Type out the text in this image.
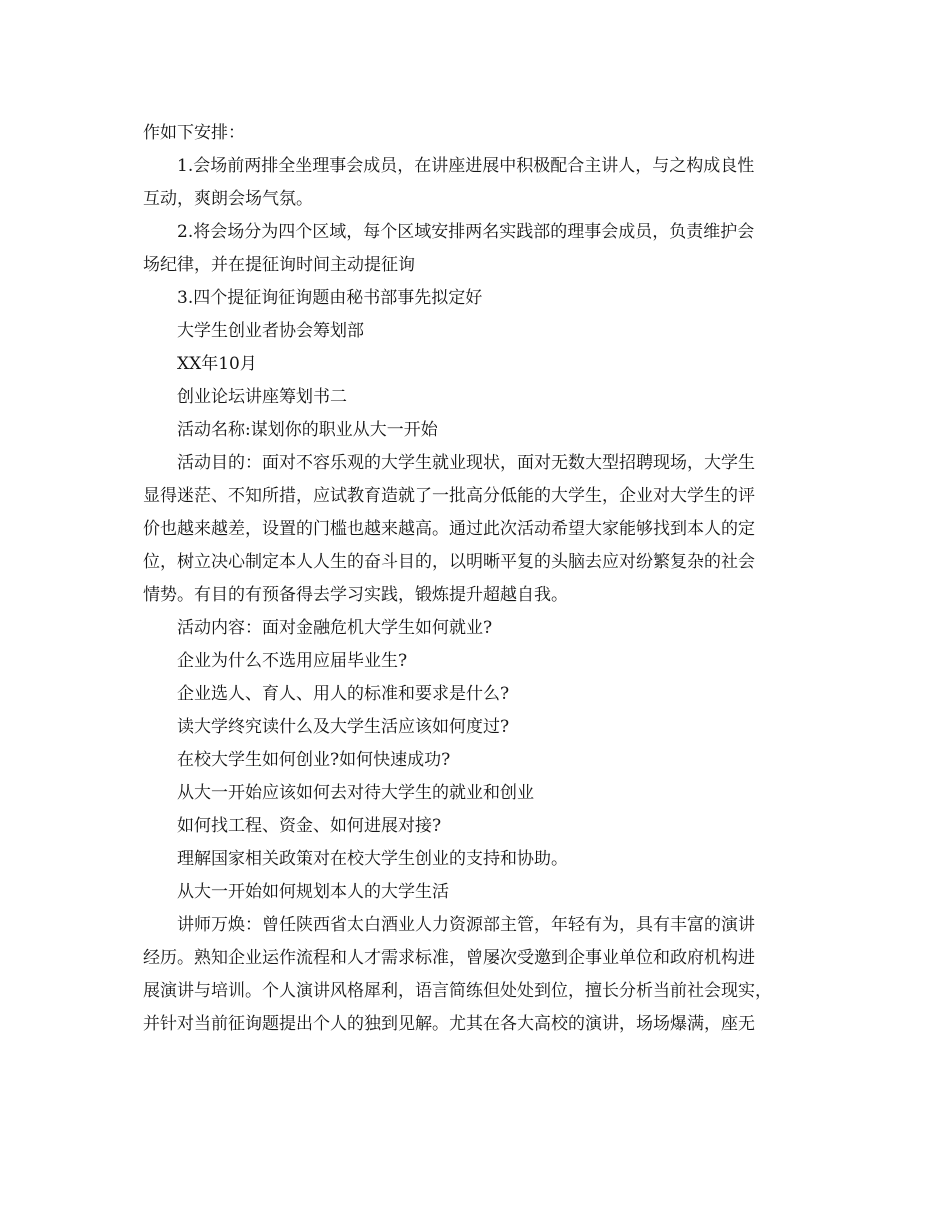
作如下安排：
1.会场前两排全坐理事会成员，在讲座进展中积极配合主讲人，与之构成良性
互动，爽朗会场气氛。
2.将会场分为四个区域，每个区域安排两名实践部的理事会成员，负责维护会
场纪律，并在提征询时间主动提征询
3.四个提征询征询题由秘书部事先拟定好
大学生创业者协会筹划部
XX年10月
创业论坛讲座筹划书二
活动名称:谋划你的职业从大一开始
活动目的：面对不容乐观的大学生就业现状，面对无数大型招聘现场，大学生
显得迷茫、不知所措，应试教育造就了一批高分低能的大学生，企业对大学生的评
价也越来越差，设置的门槛也越来越高。通过此次活动希望大家能够找到本人的定
位，树立决心制定本人人生的奋斗目的，以明晰平复的头脑去应对纷繁复杂的社会
情势。有目的有预备得去学习实践，锻炼提升超越自我。
活动内容：面对金融危机大学生如何就业?
企业为什么不选用应届毕业生?
企业选人、育人、用人的标准和要求是什么?
读大学终究读什么及大学生活应该如何度过?
在校大学生如何创业?如何快速成功?
从大一开始应该如何去对待大学生的就业和创业
如何找工程、资金、如何进展对接?
理解国家相关政策对在校大学生创业的支持和协助。
从大一开始如何规划本人的大学生活
讲师万焕：曾任陕西省太白酒业人力资源部主管，年轻有为，具有丰富的演讲
经历。熟知企业运作流程和人才需求标准，曾屡次受邀到企事业单位和政府机构进
展演讲与培训。个人演讲风格犀利，语言简练但处处到位，擅长分析当前社会现实，
并针对当前征询题提出个人的独到见解。尤其在各大高校的演讲，场场爆满，座无
